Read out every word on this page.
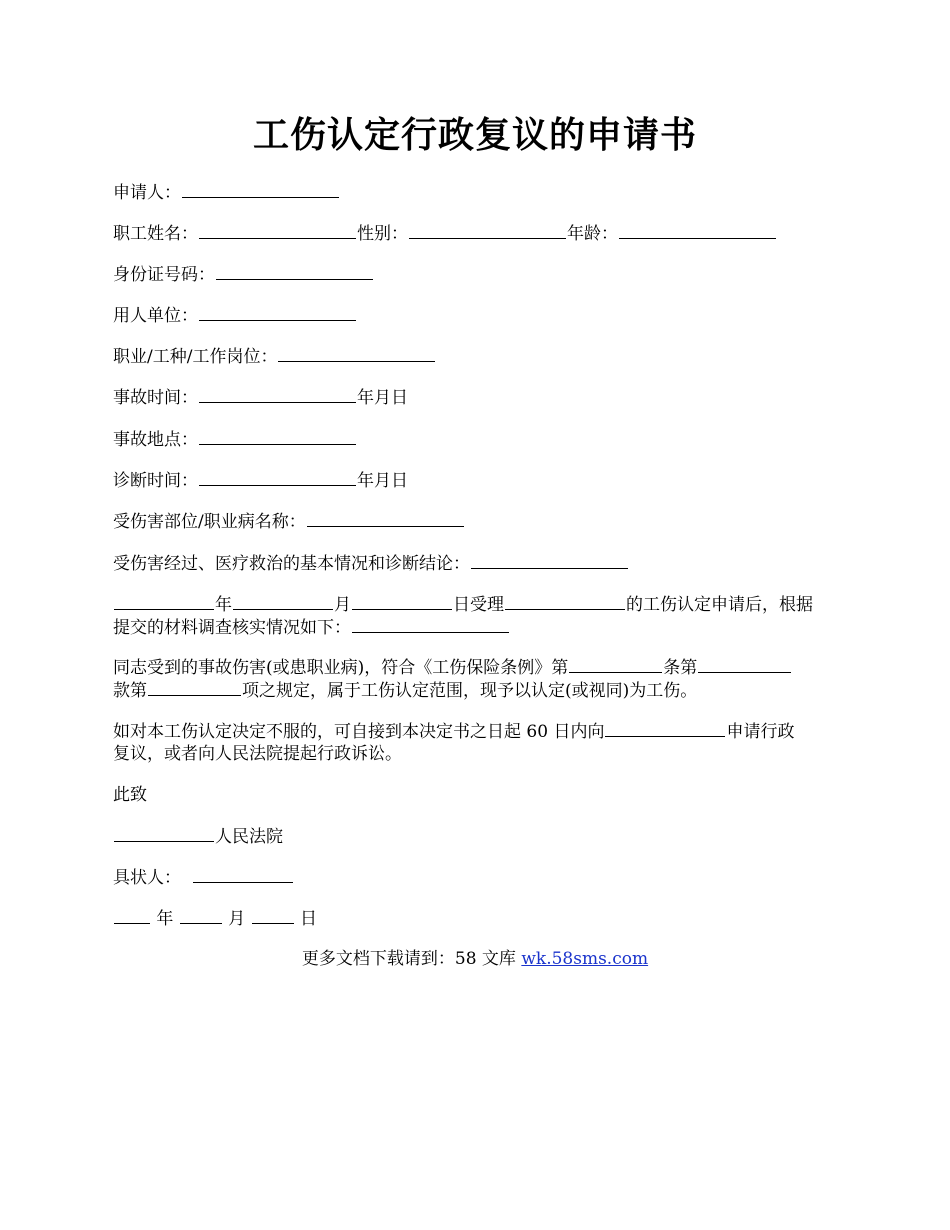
工伤认定行政复议的申请书
申请人：
职工姓名：	性别：	年龄：
身份证号码：
用人单位：
职业/工种/工作岗位：
事故时间：	年月日
事故地点：
诊断时间：	年月日
受伤害部位/职业病名称：
受伤害经过、医疗救治的基本情况和诊断结论：
年	月	日受理	的工伤认定申请后，根据
提交的材料调查核实情况如下：
同志受到的事故伤害(或患职业病)，符合《工伤保险条例》第	条第
款第	项之规定，属于工伤认定范围，现予以认定(或视同)为工伤。
如对本工伤认定决定不服的，可自接到本决定书之日起 60 日内向	申请行政
复议，或者向人民法院提起行政诉讼。
此致
人民法院
具状人：
年	月	日
更多文档下载请到：58 文库 wk.58sms.com
